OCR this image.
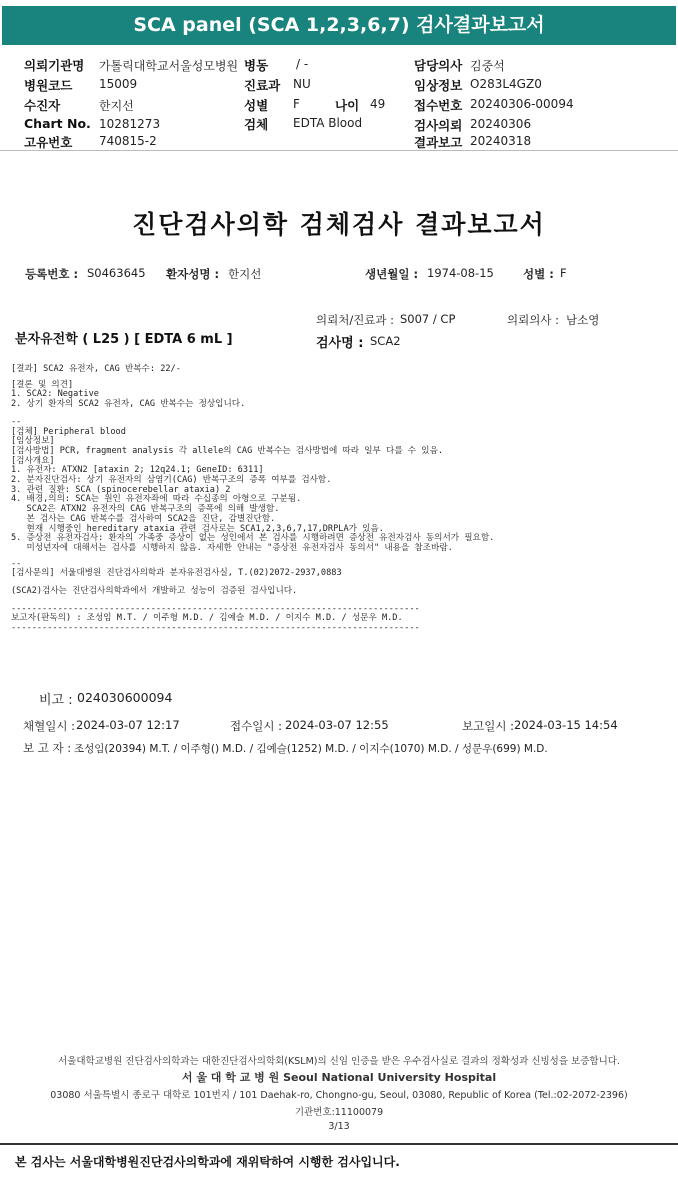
SCA panel (SCA 1,2,3,6,7) 검사결과보고서
의뢰기관명 가톨릭대학교서울성모병원
병원코드 15009
수진자	한지선
Chart No. 10281273
고유번호 740815-2
병동 / -
진료과 NU
성별 F	나이 49
검체 EDTA Blood
담당의사 김중석
임상정보 O283L4GZ0
접수번호 20240306-00094
검사의뢰 20240306
결과보고 20240318
진단검사의학 검체검사 결과보고서
등록번호 : S0463645 환자성명 : 한지선	생년월일 : 1974-08-15	성별 : F
의뢰처/진료과 : S007 / CP	의뢰의사 : 남소영
분자유전학 ( L25 ) [ EDTA 6 mL ]	검사명 : SCA2
[결과] SCA2 유전자, CAG 반복수: 22/-
[결론 및 의견]
1. SCA2: Negative
2. 상기 환자의 SCA2 유전자, CAG 반복수는 정상입니다.
--
[검체] Peripheral blood
[임상정보]
[검사방법] PCR, fragment analysis 각 allele의 CAG 반복수는 검사방법에 따라 일부 다를 수 있음.
[검사개요]
1. 유전자: ATXN2 [ataxin 2; 12q24.1; GeneID: 6311]
2. 분자진단검사: 상기 유전자의 삼염기(CAG) 반복구조의 증폭 여부를 검사함.
3. 관련 질환: SCA (spinocerebellar ataxia) 2
4. 배경,의의: SCA는 원인 유전자좌에 따라 수십종의 아형으로 구분됨.
SCA2은 ATXN2 유전자의 CAG 반복구조의 증폭에 의해 발생함.
본 검사는 CAG 반복수를 검사하여 SCA2을 진단, 감별진단함.
현재 시행중인 hereditary ataxia 관련 검사로는 SCA1,2,3,6,7,17,DRPLA가 있음.
5. 증상전 유전자검사: 환자의 가족중 증상이 없는 성인에서 본 검사를 시행하려면 증상전 유전자검사 동의서가 필요함.
미성년자에 대해서는 검사를 시행하지 않음. 자세한 안내는 "증상전 유전자검사 동의서" 내용을 참조바람.
--
[검사문의] 서울대병원 진단검사의학과 분자유전검사실, T.(02)2072-2937,0883
(SCA2)검사는 진단검사의학과에서 개발하고 성능이 검증된 검사입니다.
-------------------------------------------------------------------------------
보고자(판독의) : 조성임 M.T. / 이주형 M.D. / 김예슬 M.D. / 이지수 M.D. / 성문우 M.D.
-------------------------------------------------------------------------------
비고 : 024030600094
채혈일시 : 2024-03-07 12:17	접수일시 : 2024-03-07 12:55	보고일시 : 2024-03-15 14:54
보 고 자 : 조성임(20394) M.T. / 이주형() M.D. / 김예슬(1252) M.D. / 이지수(1070) M.D. / 성문우(699) M.D.
서울대학교병원 진단검사의학과는 대한진단검사의학회(KSLM)의 신임 인증을 받은 우수검사실로 결과의 정확성과 신빙성을 보증합니다.
서 울 대 학 교 병 원 Seoul National University Hospital
03080 서울특별시 종로구 대학로 101번지 / 101 Daehak-ro, Chongno-gu, Seoul, 03080, Republic of Korea (Tel.:02-2072-2396)
기관번호:11100079
3/13
본 검사는 서울대학병원진단검사의학과에 재위탁하여 시행한 검사입니다.
